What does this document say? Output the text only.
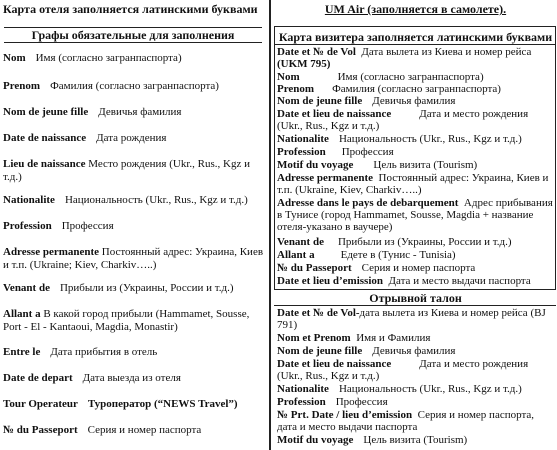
Карта отеля заполняется латинскими буквами
Графы обязательные для заполнения
Nom Имя (согласно загранпаспорта)
Prenom Фамилия (согласно загранпаспорта)
Nom de jeune fille Девичья фамилия
Date de naissance Дата рождения
Lieu de naissance Место рождения (Ukr., Rus., Kgz и т.д.)
Nationalite Национальность (Ukr., Rus., Kgz и т.д.)
Profession Профессия
Adresse permanente Постоянный адрес: Украина, Киев и т.п. (Ukraine; Kiev, Charkiv…..)
Venant de Прибыли из (Украины, России и т.д.)
Allant a В какой город прибыли (Hammamet, Sousse, Port - El - Kantaoui, Magdia, Monastir)
Entre le Дата прибытия в отель
Date de depart Дата выезда из отеля
Tour Operateur Туроператор (“NEWS Travel”)
№ du Passeport Серия и номер паспорта
UM Air (заполняется в самолете).
Карта визитера заполняется латинскими буквами
Date et № de Vol Дата вылета из Киева и номер рейса
(UKM 795)
Nom	Имя (согласно загранпаспорта)
Prenom Фамилия (согласно загранпаспорта)
Nom de jeune fille Девичья фамилия
Date et lieu de naissance	Дата и место рождения (Ukr., Rus., Kgz и т.д.)
Nationalite Национальность (Ukr., Rus., Kgz и т.д.)
Profession Профессия
Motif du voyage Цель визита (Tourism)
Adresse permanente Постоянный адрес: Украина, Киев и т.п. (Ukraine, Kiev, Charkiv…..)
Adresse dans le pays de debarquement Адрес прибывания в Тунисе (город Hammamet, Sousse, Magdia + название отеля-указано в ваучере)
Venant de Прибыли из (Украины, России и т.д.)
Allant a Едете в (Тунис - Tunisia)
№ du Passeport Серия и номер паспорта
Date et lieu d’emission Дата и место выдачи паспорта
Отрывной талон
Date et № de Vol-дата вылета из Киева и номер рейса (BJ 791)
Nom et Prenom Имя и Фамилия
Nom de jeune fille Девичья фамилия
Date et lieu de naissance	Дата и место рождения (Ukr., Rus., Kgz и т.д.)
Nationalite Национальность (Ukr., Rus., Kgz и т.д.)
Profession Профессия
№ Prt. Date / lieu d’emission Серия и номер паспорта, дата и место выдачи паспорта
Motif du voyage Цель визита (Tourism)
